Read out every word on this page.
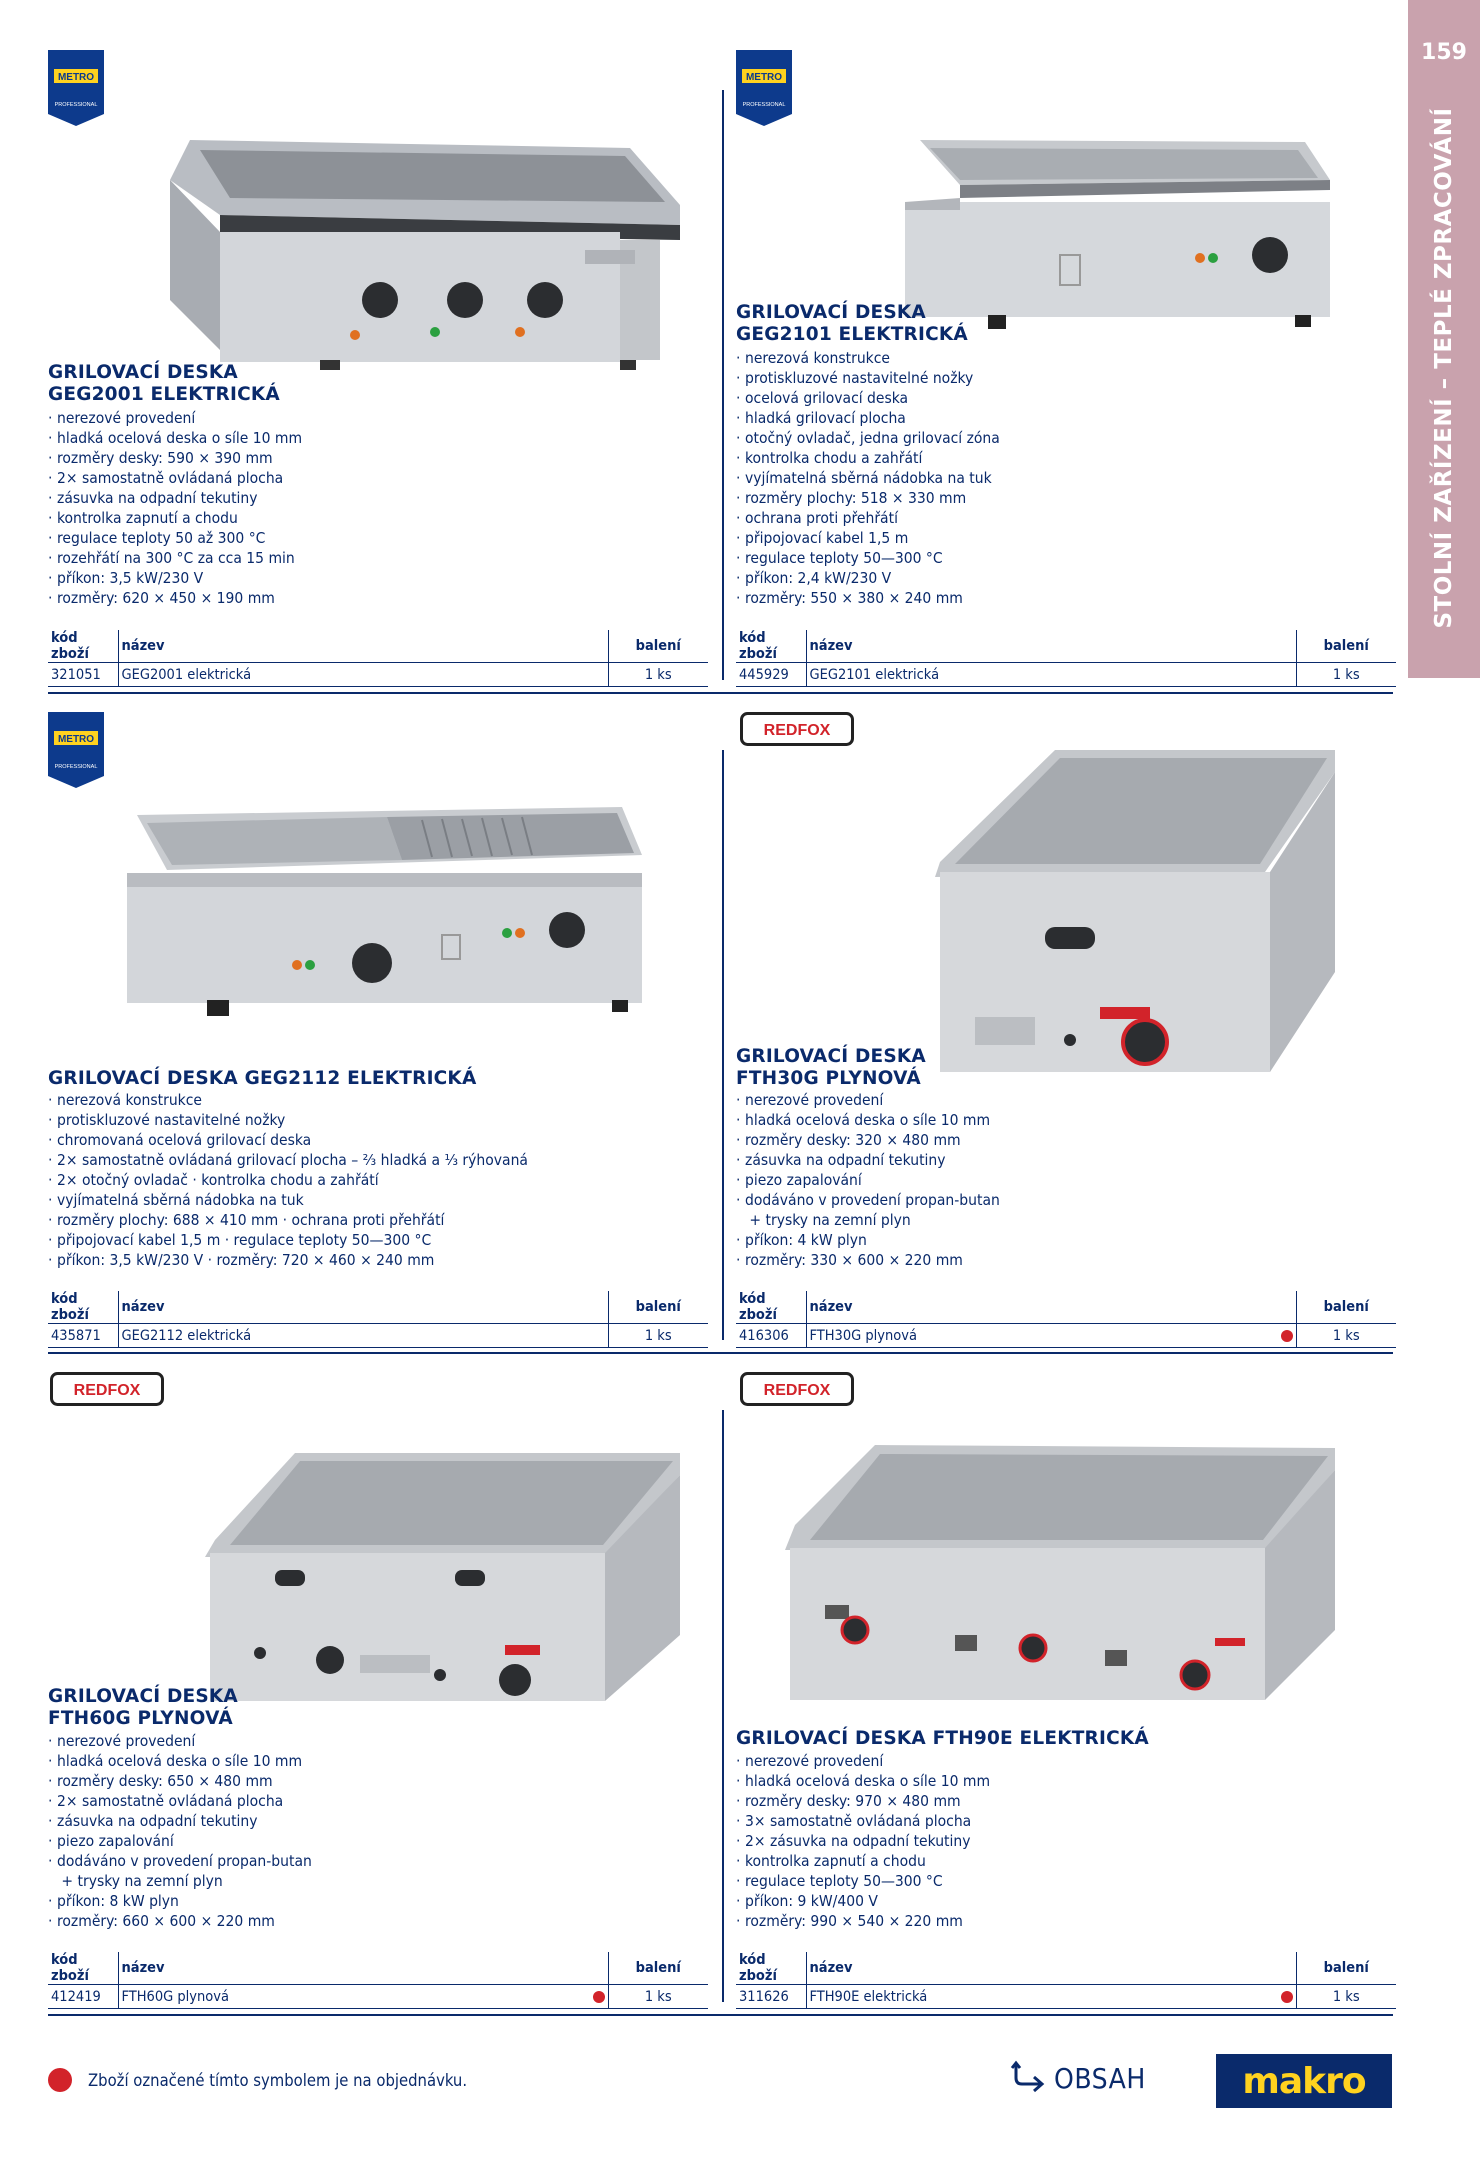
159
STOLNÍ ZAŘÍZENÍ – TEPLÉ ZPRACOVÁNÍ
METRO
PROFESSIONAL
GRILOVACÍ DESKA
GEG2001 ELEKTRICKÁ
· nerezové provedení
· hladká ocelová deska o síle 10 mm
· rozměry desky: 590 × 390 mm
· 2× samostatně ovládaná plocha
· zásuvka na odpadní tekutiny
· kontrolka zapnutí a chodu
· regulace teploty 50 až 300 °C
· rozehřátí na 300 °C za cca 15 min
· příkon: 3,5 kW/230 V
· rozměry: 620 × 450 × 190 mm
kód zboží	název		balení
321051	GEG2001 elektrická		1 ks
METRO
PROFESSIONAL
GRILOVACÍ DESKA
GEG2101 ELEKTRICKÁ
· nerezová konstrukce
· protiskluzové nastavitelné nožky
· ocelová grilovací deska
· hladká grilovací plocha
· otočný ovladač, jedna grilovací zóna
· kontrolka chodu a zahřátí
· vyjímatelná sběrná nádobka na tuk
· rozměry plochy: 518 × 330 mm
· ochrana proti přehřátí
· připojovací kabel 1,5 m
· regulace teploty 50—300 °C
· příkon: 2,4 kW/230 V
· rozměry: 550 × 380 × 240 mm
kód zboží	název		balení
445929	GEG2101 elektrická		1 ks
METRO
PROFESSIONAL
GRILOVACÍ DESKA GEG2112 ELEKTRICKÁ
· nerezová konstrukce
· protiskluzové nastavitelné nožky
· chromovaná ocelová grilovací deska
· 2× samostatně ovládaná grilovací plocha – ⅔ hladká a ⅓ rýhovaná
· 2× otočný ovladač · kontrolka chodu a zahřátí
· vyjímatelná sběrná nádobka na tuk
· rozměry plochy: 688 × 410 mm · ochrana proti přehřátí
· připojovací kabel 1,5 m · regulace teploty 50—300 °C
· příkon: 3,5 kW/230 V · rozměry: 720 × 460 × 240 mm
kód zboží	název		balení
435871	GEG2112 elektrická		1 ks
REDFOX
GRILOVACÍ DESKA
FTH30G PLYNOVÁ
· nerezové provedení
· hladká ocelová deska o síle 10 mm
· rozměry desky: 320 × 480 mm
· zásuvka na odpadní tekutiny
· piezo zapalování
· dodáváno v provedení propan-butan
+ trysky na zemní plyn
· příkon: 4 kW plyn
· rozměry: 330 × 600 × 220 mm
kód zboží	název		balení
416306	FTH30G plynová		1 ks
REDFOX
GRILOVACÍ DESKA
FTH60G PLYNOVÁ
· nerezové provedení
· hladká ocelová deska o síle 10 mm
· rozměry desky: 650 × 480 mm
· 2× samostatně ovládaná plocha
· zásuvka na odpadní tekutiny
· piezo zapalování
· dodáváno v provedení propan-butan
+ trysky na zemní plyn
· příkon: 8 kW plyn
· rozměry: 660 × 600 × 220 mm
kód zboží	název		balení
412419	FTH60G plynová		1 ks
REDFOX
GRILOVACÍ DESKA FTH90E ELEKTRICKÁ
· nerezové provedení
· hladká ocelová deska o síle 10 mm
· rozměry desky: 970 × 480 mm
· 3× samostatně ovládaná plocha
· 2× zásuvka na odpadní tekutiny
· kontrolka zapnutí a chodu
· regulace teploty 50—300 °C
· příkon: 9 kW/400 V
· rozměry: 990 × 540 × 220 mm
kód zboží	název		balení
311626	FTH90E elektrická		1 ks
Zboží označené tímto symbolem je na objednávku.	OBSAH	makro
